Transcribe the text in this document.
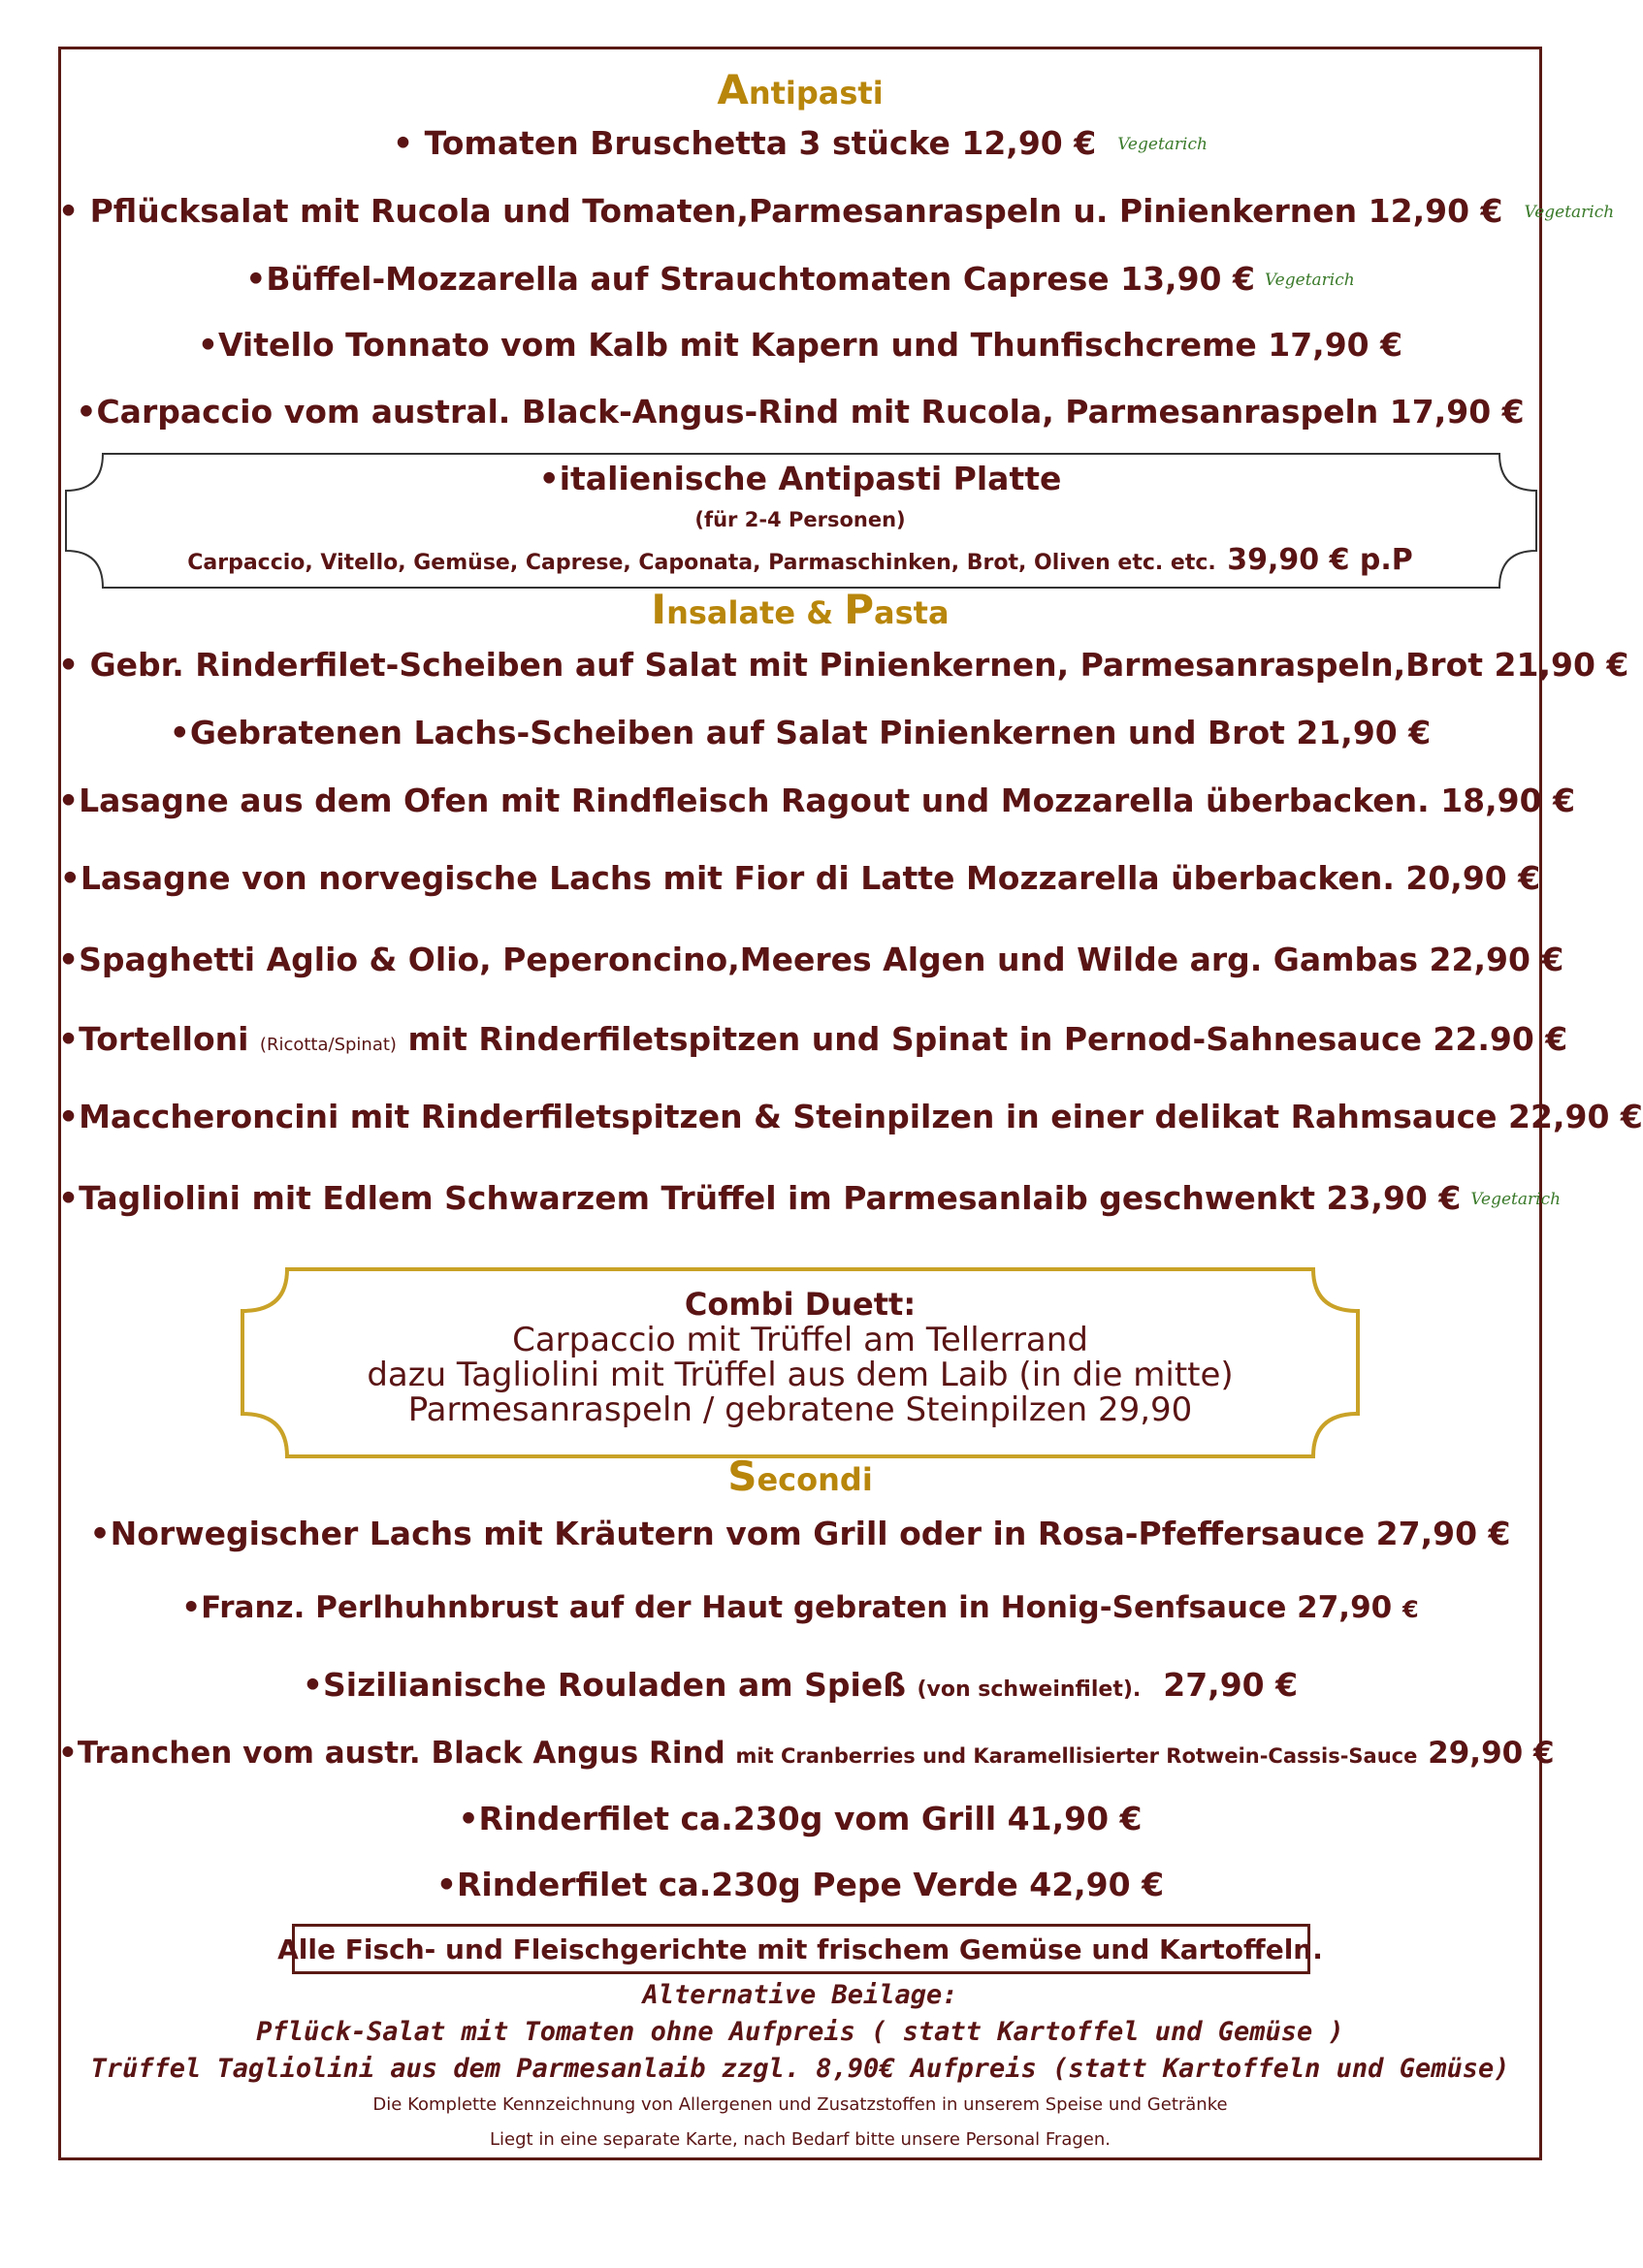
Antipasti
• Tomaten Bruschetta 3 stücke 12,90 € Vegetarich
• Pflücksalat mit Rucola und Tomaten,Parmesanraspeln u. Pinienkernen 12,90 € Vegetarich
•Büffel-Mozzarella auf Strauchtomaten Caprese 13,90 € Vegetarich
•Vitello Tonnato vom Kalb mit Kapern und Thunfischcreme 17,90 €
•Carpaccio vom austral. Black-Angus-Rind mit Rucola, Parmesanraspeln 17,90 €
•italienische Antipasti Platte
(für 2-4 Personen)
Carpaccio, Vitello, Gemüse, Caprese, Caponata, Parmaschinken, Brot, Oliven etc. etc. 39,90 € p.P
Insalate & Pasta
• Gebr. Rinderfilet-Scheiben auf Salat mit Pinienkernen, Parmesanraspeln,Brot 21,90 €
•Gebratenen Lachs-Scheiben auf Salat Pinienkernen und Brot 21,90 €
•Lasagne aus dem Ofen mit Rindfleisch Ragout und Mozzarella überbacken. 18,90 €
•Lasagne von norvegische Lachs mit Fior di Latte Mozzarella überbacken. 20,90 €
•Spaghetti Aglio & Olio, Peperoncino,Meeres Algen und Wilde arg. Gambas 22,90 €
•Tortelloni (Ricotta/Spinat) mit Rinderfiletspitzen und Spinat in Pernod-Sahnesauce 22.90 €
•Maccheroncini mit Rinderfiletspitzen & Steinpilzen in einer delikat Rahmsauce 22,90 €
•Tagliolini mit Edlem Schwarzem Trüffel im Parmesanlaib geschwenkt 23,90 € Vegetarich
Combi Duett:
Carpaccio mit Trüffel am Tellerrand
dazu Tagliolini mit Trüffel aus dem Laib (in die mitte)
Parmesanraspeln / gebratene Steinpilzen 29,90
Secondi
•Norwegischer Lachs mit Kräutern vom Grill oder in Rosa-Pfeffersauce 27,90 €
•Franz. Perlhuhnbrust auf der Haut gebraten in Honig-Senfsauce 27,90 €
•Sizilianische Rouladen am Spieß (von schweinfilet). 27,90 €
•Tranchen vom austr. Black Angus Rind mit Cranberries und Karamellisierter Rotwein-Cassis-Sauce 29,90 €
•Rinderfilet ca.230g vom Grill 41,90 €
•Rinderfilet ca.230g Pepe Verde 42,90 €
Alle Fisch- und Fleischgerichte mit frischem Gemüse und Kartoffeln.
Alternative Beilage:
Pflück-Salat mit Tomaten ohne Aufpreis ( statt Kartoffel und Gemüse )
Trüffel Tagliolini aus dem Parmesanlaib zzgl. 8,90€ Aufpreis (statt Kartoffeln und Gemüse)
Die Komplette Kennzeichnung von Allergenen und Zusatzstoffen in unserem Speise und Getränke
Liegt in eine separate Karte, nach Bedarf bitte unsere Personal Fragen.
